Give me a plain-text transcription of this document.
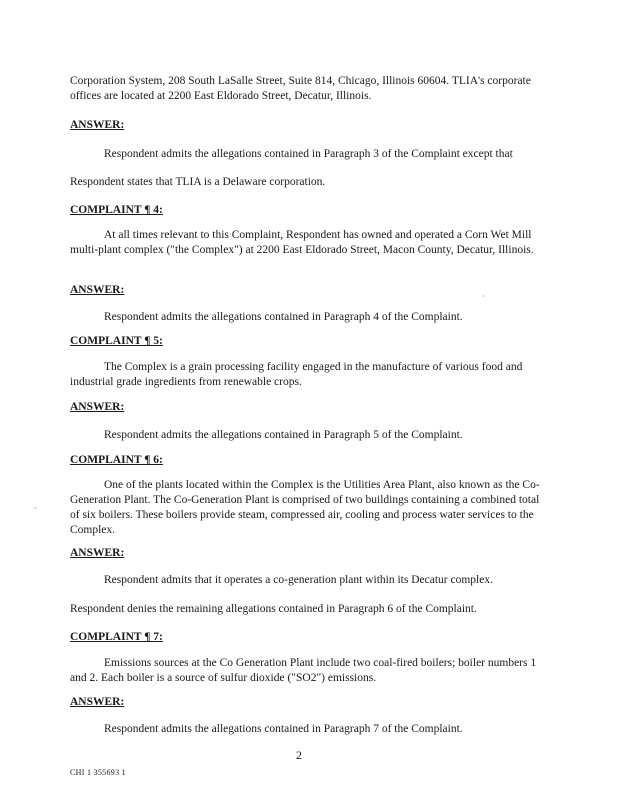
Corporation System, 208 South LaSalle Street, Suite 814, Chicago, Illinois 60604. TLIA's corporate offices are located at 2200 East Eldorado Street, Decatur, Illinois.
ANSWER:
Respondent admits the allegations contained in Paragraph 3 of the Complaint except that
Respondent states that TLIA is a Delaware corporation.
COMPLAINT ¶ 4:
At all times relevant to this Complaint, Respondent has owned and operated a Corn Wet Mill multi-plant complex ("the Complex") at 2200 East Eldorado Street, Macon County, Decatur, Illinois.
ANSWER:
Respondent admits the allegations contained in Paragraph 4 of the Complaint.
COMPLAINT ¶ 5:
The Complex is a grain processing facility engaged in the manufacture of various food and industrial grade ingredients from renewable crops.
ANSWER:
Respondent admits the allegations contained in Paragraph 5 of the Complaint.
COMPLAINT ¶ 6:
One of the plants located within the Complex is the Utilities Area Plant, also known as the Co-Generation Plant. The Co-Generation Plant is comprised of two buildings containing a combined total of six boilers. These boilers provide steam, compressed air, cooling and process water services to the Complex.
ANSWER:
Respondent admits that it operates a co-generation plant within its Decatur complex.
Respondent denies the remaining allegations contained in Paragraph 6 of the Complaint.
COMPLAINT ¶ 7:
Emissions sources at the Co Generation Plant include two coal-fired boilers; boiler numbers 1 and 2. Each boiler is a source of sulfur dioxide ("SO2") emissions.
ANSWER:
Respondent admits the allegations contained in Paragraph 7 of the Complaint.
2
CHI 1 355693 1
·
·
